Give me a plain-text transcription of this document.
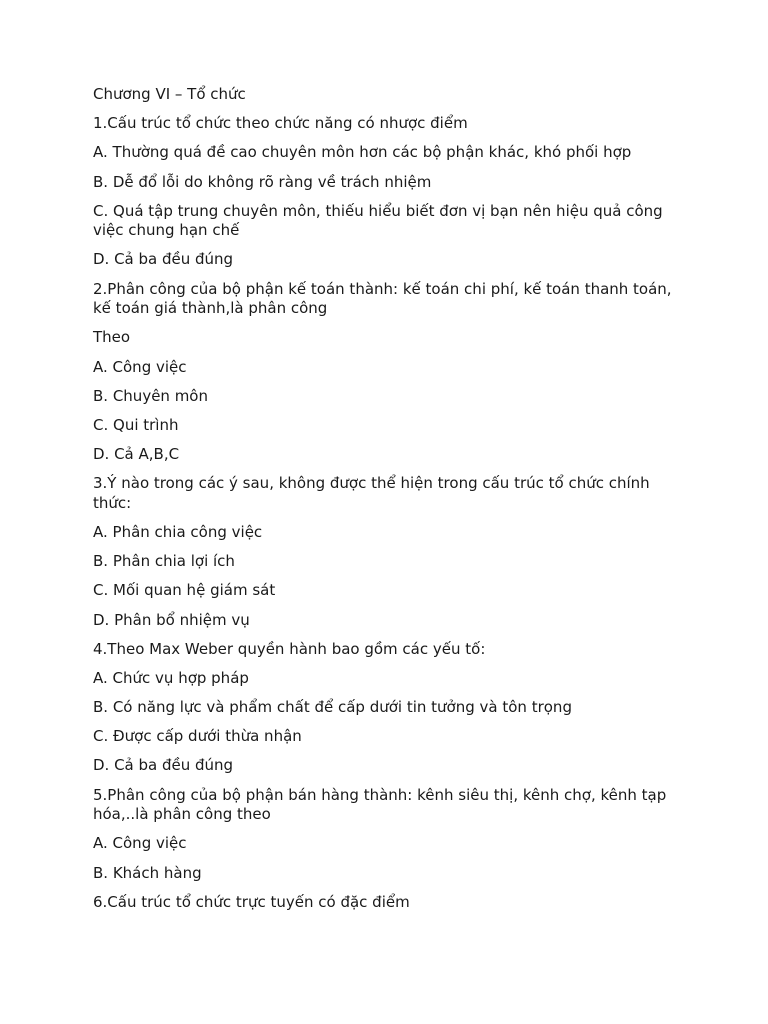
Chương VI – Tổ chức

1.Cấu trúc tổ chức theo chức năng có nhược điểm

A. Thường quá đề cao chuyên môn hơn các bộ phận khác, khó phối hợp

B. Dễ đổ lỗi do không rõ ràng về trách nhiệm

C. Quá tập trung chuyên môn, thiếu hiểu biết đơn vị bạn nên hiệu quả công việc chung hạn chế

D. Cả ba đều đúng

2.Phân công của bộ phận kế toán thành: kế toán chi phí, kế toán thanh toán, kế toán giá thành,là phân công

Theo

A. Công việc

B. Chuyên môn

C. Qui trình

D. Cả A,B,C

3.Ý nào trong các ý sau, không được thể hiện trong cấu trúc tổ chức chính thức:

A. Phân chia công việc

B. Phân chia lợi ích

C. Mối quan hệ giám sát

D. Phân bổ nhiệm vụ

4.Theo Max Weber quyền hành bao gồm các yếu tố:

A. Chức vụ hợp pháp

B. Có năng lực và phẩm chất để cấp dưới tin tưởng và tôn trọng

C. Được cấp dưới thừa nhận

D. Cả ba đều đúng

5.Phân công của bộ phận bán hàng thành: kênh siêu thị, kênh chợ, kênh tạp hóa,..là phân công theo

A. Công việc

B. Khách hàng

6.Cấu trúc tổ chức trực tuyến có đặc điểm
